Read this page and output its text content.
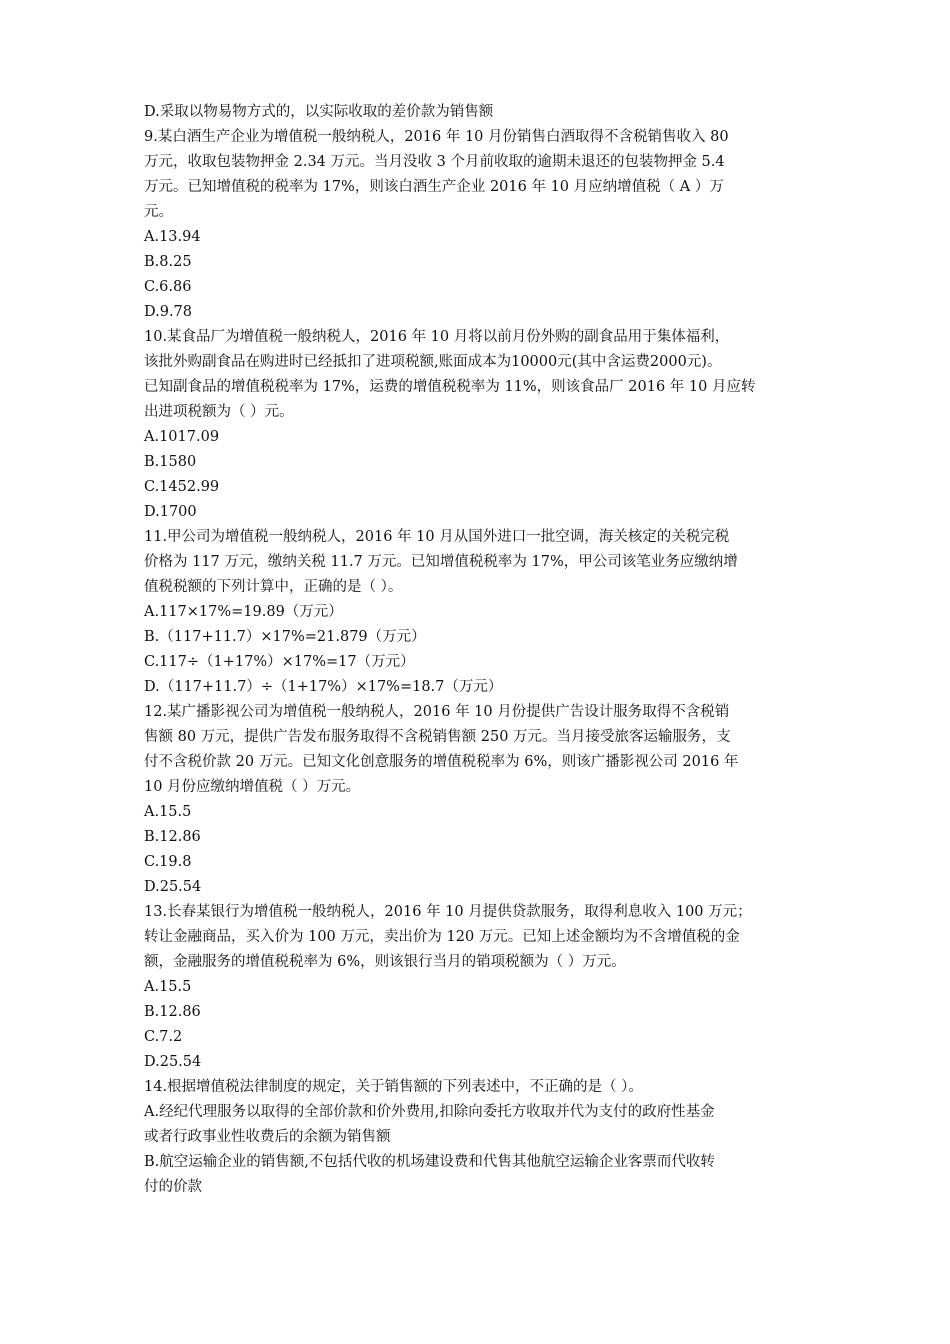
D.采取以物易物方式的，以实际收取的差价款为销售额
9.某白酒生产企业为增值税一般纳税人，2016 年 10 月份销售白酒取得不含税销售收入 80
万元，收取包装物押金 2.34 万元。当月没收 3 个月前收取的逾期未退还的包装物押金 5.4
万元。已知增值税的税率为 17%，则该白酒生产企业 2016 年 10 月应纳增值税（ A ）万
元。
A.13.94
B.8.25
C.6.86
D.9.78
10.某食品厂为增值税一般纳税人，2016 年 10 月将以前月份外购的副食品用于集体福利，
该批外购副食品在购进时已经抵扣了进项税额,账面成本为10000元(其中含运费2000元)。
已知副食品的增值税税率为 17%，运费的增值税税率为 11%，则该食品厂 2016 年 10 月应转
出进项税额为（ ）元。
A.1017.09
B.1580
C.1452.99
D.1700
11.甲公司为增值税一般纳税人，2016 年 10 月从国外进口一批空调，海关核定的关税完税
价格为 117 万元，缴纳关税 11.7 万元。已知增值税税率为 17%，甲公司该笔业务应缴纳增
值税税额的下列计算中，正确的是（ ）。
A.117×17%=19.89（万元）
B.（117+11.7）×17%=21.879（万元）
C.117÷（1+17%）×17%=17（万元）
D.（117+11.7）÷（1+17%）×17%=18.7（万元）
12.某广播影视公司为增值税一般纳税人，2016 年 10 月份提供广告设计服务取得不含税销
售额 80 万元，提供广告发布服务取得不含税销售额 250 万元。当月接受旅客运输服务，支
付不含税价款 20 万元。已知文化创意服务的增值税税率为 6%，则该广播影视公司 2016 年
10 月份应缴纳增值税（ ）万元。
A.15.5
B.12.86
C.19.8
D.25.54
13.长春某银行为增值税一般纳税人，2016 年 10 月提供贷款服务，取得利息收入 100 万元；
转让金融商品，买入价为 100 万元，卖出价为 120 万元。已知上述金额均为不含增值税的金
额，金融服务的增值税税率为 6%，则该银行当月的销项税额为（ ）万元。
A.15.5
B.12.86
C.7.2
D.25.54
14.根据增值税法律制度的规定，关于销售额的下列表述中，不正确的是（ ）。
A.经纪代理服务以取得的全部价款和价外费用,扣除向委托方收取并代为支付的政府性基金
或者行政事业性收费后的余额为销售额
B.航空运输企业的销售额,不包括代收的机场建设费和代售其他航空运输企业客票而代收转
付的价款
